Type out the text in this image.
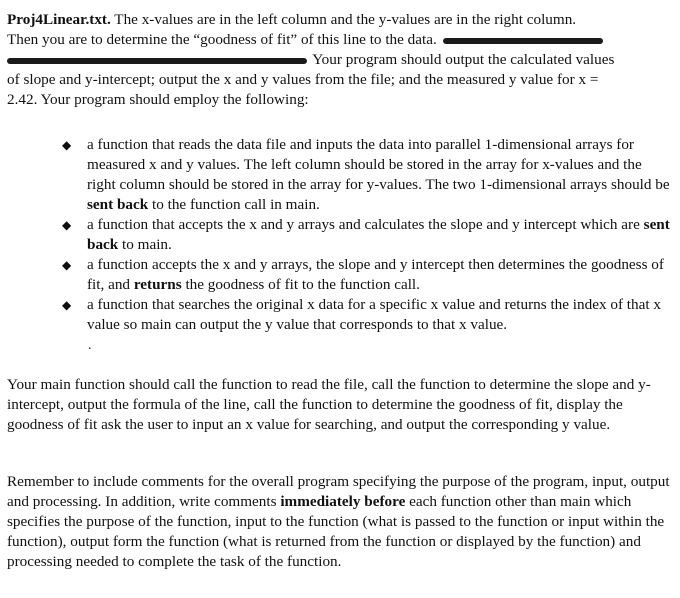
Proj4Linear.txt. The x-values are in the left column and the y-values are in the right column.
Then you are to determine the “goodness of fit” of this line to the data.
Your program should output the calculated values
of slope and y-intercept; output the x and y values from the file; and the measured y value for x =
2.42. Your program should employ the following:

◆ a function that reads the data file and inputs the data into parallel 1-dimensional arrays for measured x and y values. The left column should be stored in the array for x-values and the right column should be stored in the array for y-values. The two 1-dimensional arrays should be sent back to the function call in main.
◆ a function that accepts the x and y arrays and calculates the slope and y intercept which are sent back to main.
◆ a function accepts the x and y arrays, the slope and y intercept then determines the goodness of fit, and returns the goodness of fit to the function call.
◆ a function that searches the original x data for a specific x value and returns the index of that x value so main can output the y value that corresponds to that x value.
.

Your main function should call the function to read the file, call the function to determine the slope and y-intercept, output the formula of the line, call the function to determine the goodness of fit, display the goodness of fit ask the user to input an x value for searching, and output the corresponding y value.

Remember to include comments for the overall program specifying the purpose of the program, input, output and processing. In addition, write comments immediately before each function other than main which specifies the purpose of the function, input to the function (what is passed to the function or input within the function), output form the function (what is returned from the function or displayed by the function) and processing needed to complete the task of the function.
